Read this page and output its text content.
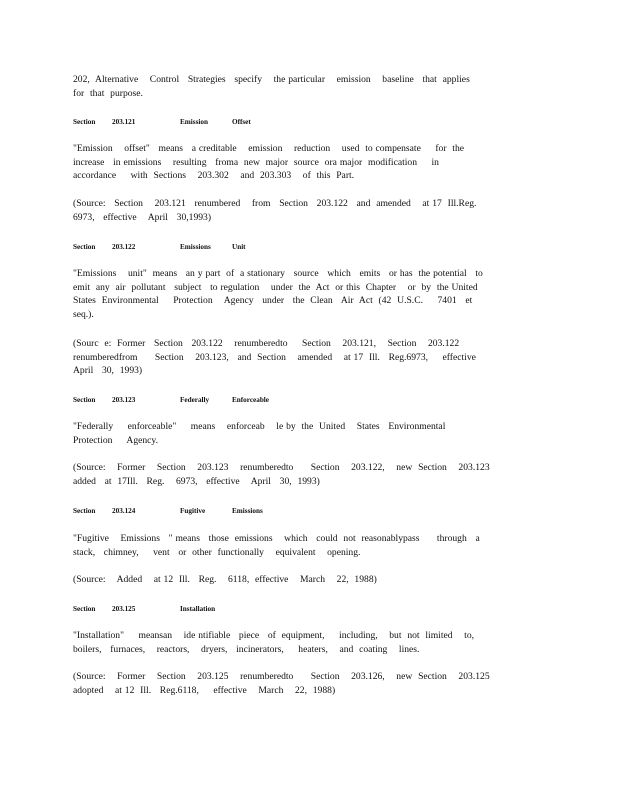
202,  Alternative    Control   Strategies   specify    the particular    emission    baseline   that  applies
for  that  purpose.
Section 203.121	Emission	Offset
"Emission    offset"   means   a creditable    emission    reduction    used  to compensate     for  the
increase   in emissions    resulting   froma  new  major  source  ora major  modification     in
accordance     with  Sections    203.302    and  203.303    of  this  Part.
(Source:   Section    203.121   renumbered    from   Section   203.122   and  amended    at 17  Ill.Reg.
6973,   effective    April   30,1993)
Section 203.122	Emissions	Unit
"Emissions    unit"  means   an y part  of  a stationary   source   which   emits   or has  the potential   to
emit  any  air  pollutant   subject   to regulation    under  the  Act  or this  Chapter    or  by  the United
States  Environmental     Protection    Agency   under   the  Clean   Air  Act  (42  U.S.C.     7401   et
seq.).
(Sourc  e:  Former   Section   203.122    renumberedto     Section    203.121,    Section    203.122
renumberedfrom      Section    203.123,   and  Section    amended    at 17  Ill.   Reg.6973,     effective
April   30,  1993)
Section 203.123	Federally	Enforceable
"Federally     enforceable"     means    enforceab    le by  the  United    States   Environmental
Protection     Agency.
(Source:    Former    Section    203.123    renumberedto      Section    203.122,    new  Section    203.123
added   at  17Ill.   Reg.    6973,   effective    April   30,  1993)
Section 203.124	Fugitive	Emissions
"Fugitive    Emissions   " means   those  emissions    which   could  not  reasonablypass      through   a
stack,   chimney,     vent   or  other  functionally    equivalent    opening.
(Source:    Added    at 12  Ill.   Reg.    6118,  effective    March    22,  1988)
Section 203.125	Installation
"Installation"     meansan    ide ntifiable   piece   of  equipment,     including,    but  not  limited    to,
boilers,   furnaces,    reactors,    dryers,   incinerators,     heaters,    and  coating    lines.
(Source:    Former    Section    203.125    renumberedto      Section    203.126,    new  Section    203.125
adopted    at 12  Ill.   Reg.6118,     effective    March    22,  1988)
